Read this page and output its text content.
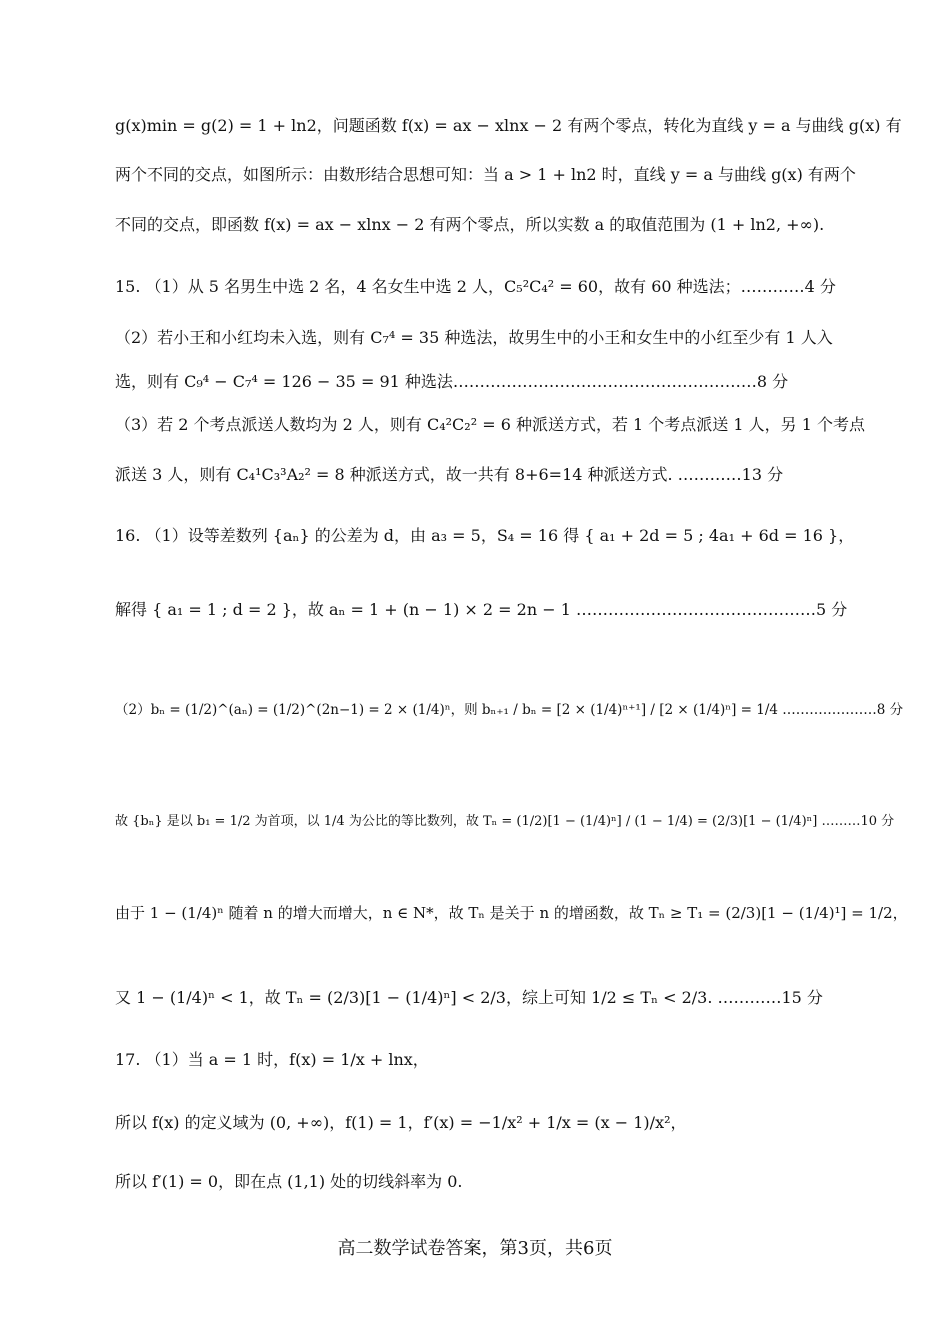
g(x)min = g(2) = 1 + ln2，问题函数 f(x) = ax − xlnx − 2 有两个零点，转化为直线 y = a 与曲线 g(x) 有
两个不同的交点，如图所示：由数形结合思想可知：当 a > 1 + ln2 时，直线 y = a 与曲线 g(x) 有两个
不同的交点，即函数 f(x) = ax − xlnx − 2 有两个零点，所以实数 a 的取值范围为 (1 + ln2, +∞).
15. （1）从 5 名男生中选 2 名，4 名女生中选 2 人，C₅²C₄² = 60，故有 60 种选法；…………4 分
（2）若小王和小红均未入选，则有 C₇⁴ = 35 种选法，故男生中的小王和女生中的小红至少有 1 人入
选，则有 C₉⁴ − C₇⁴ = 126 − 35 = 91 种选法…………………………………………………8 分
（3）若 2 个考点派送人数均为 2 人，则有 C₄²C₂² = 6 种派送方式，若 1 个考点派送 1 人，另 1 个考点
派送 3 人，则有 C₄¹C₃³A₂² = 8 种派送方式，故一共有 8+6=14 种派送方式. …………13 分
16. （1）设等差数列 {aₙ} 的公差为 d，由 a₃ = 5，S₄ = 16 得 { a₁ + 2d = 5 ; 4a₁ + 6d = 16 }，
解得 { a₁ = 1 ; d = 2 }，故 aₙ = 1 + (n − 1) × 2 = 2n − 1 ………………………………………5 分
（2）bₙ = (1/2)^(aₙ) = (1/2)^(2n−1) = 2 × (1/4)ⁿ，则 bₙ₊₁ / bₙ = [2 × (1/4)ⁿ⁺¹] / [2 × (1/4)ⁿ] = 1/4 …………………8 分
故 {bₙ} 是以 b₁ = 1/2 为首项，以 1/4 为公比的等比数列，故 Tₙ = (1/2)[1 − (1/4)ⁿ] / (1 − 1/4) = (2/3)[1 − (1/4)ⁿ] ………10 分
由于 1 − (1/4)ⁿ 随着 n 的增大而增大，n ∈ N*，故 Tₙ 是关于 n 的增函数，故 Tₙ ≥ T₁ = (2/3)[1 − (1/4)¹] = 1/2，
又 1 − (1/4)ⁿ < 1，故 Tₙ = (2/3)[1 − (1/4)ⁿ] < 2/3，综上可知 1/2 ≤ Tₙ < 2/3. …………15 分
17. （1）当 a = 1 时，f(x) = 1/x + lnx，
所以 f(x) 的定义域为 (0, +∞)，f(1) = 1，f′(x) = −1/x² + 1/x = (x − 1)/x²，
所以 f′(1) = 0，即在点 (1,1) 处的切线斜率为 0.
高二数学试卷答案，第3页，共6页
